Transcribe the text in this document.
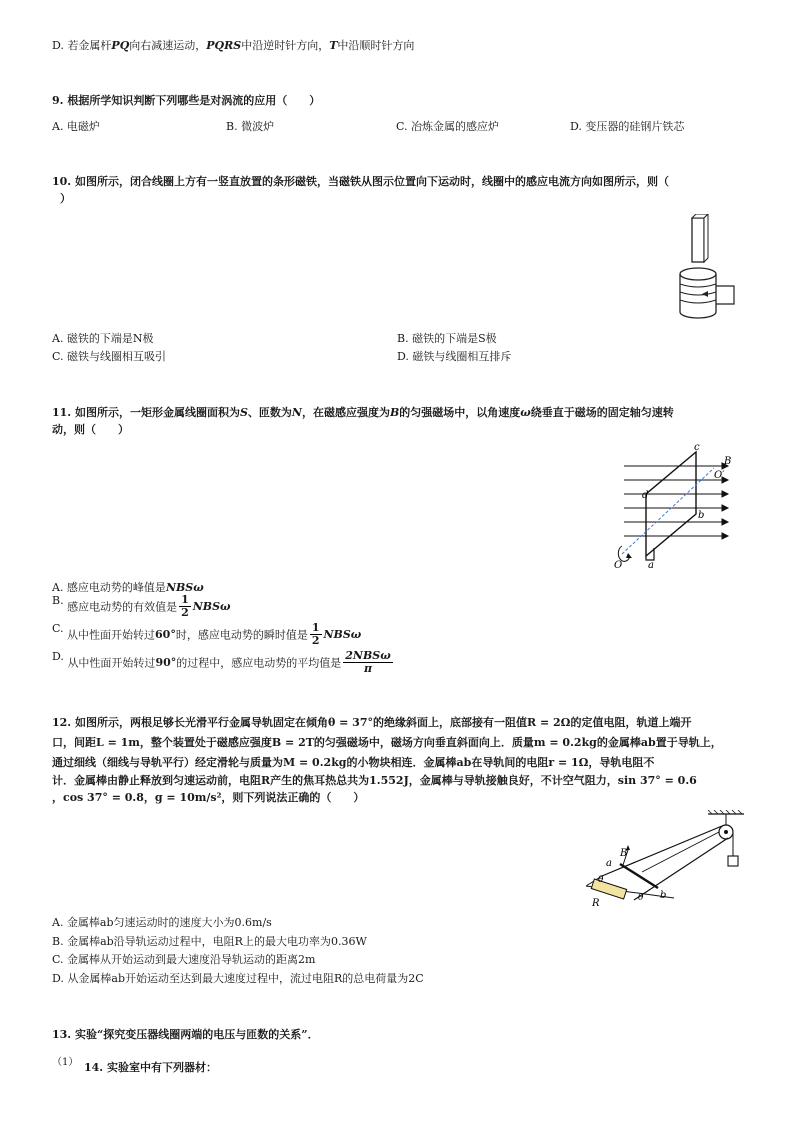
D. 若金属杆PQ向右减速运动，PQRS中沿逆时针方向，T中沿顺时针方向
9. 根据所学知识判断下列哪些是对涡流的应用（　　）
A. 电磁炉	B. 微波炉	C. 冶炼金属的感应炉	D. 变压器的硅钢片铁芯
10. 如图所示，闭合线圈上方有一竖直放置的条形磁铁，当磁铁从图示位置向下运动时，线圈中的感应电流方向如图所示，则（
）
A. 磁铁的下端是N极	B. 磁铁的下端是S极
C. 磁铁与线圈相互吸引	D. 磁铁与线圈相互排斥
11. 如图所示，一矩形金属线圈面积为S、匝数为N，在磁感应强度为B的匀强磁场中，以角速度ω绕垂直于磁场的固定轴匀速转
动，则（　　）
c
B
O′
d
b
O	a
A. 感应电动势的峰值是NBSω
B. 感应电动势的有效值是 $\frac{1}{2}$ NBSω
C. 从中性面开始转过60°时，感应电动势的瞬时值是 $\frac{1}{2}$ NBSω
D. 从中性面开始转过90°的过程中，感应电动势的平均值是 $\frac{\text{2NBSω}}{\pi}$
12. 如图所示，两根足够长光滑平行金属导轨固定在倾角θ = 37°的绝缘斜面上，底部接有一阻值R = 2Ω的定值电阻，轨道上端开
口，间距L = 1m，整个装置处于磁感应强度B = 2T的匀强磁场中，磁场方向垂直斜面向上．质量m = 0.2kg的金属棒ab置于导轨上，
通过细线（细线与导轨平行）经定滑轮与质量为M = 0.2kg的小物块相连．金属棒ab在导轨间的电阻r = 1Ω，导轨电阻不
计．金属棒由静止释放到匀速运动前，电阻R产生的焦耳热总共为1.552J，金属棒与导轨接触良好，不计空气阻力，sin 37° = 0.6
，cos 37° = 0.8，g = 10m/s²，则下列说法正确的（　　）
a
B
θ
b
θ
R
A. 金属棒ab匀速运动时的速度大小为0.6m/s
B. 金属棒ab沿导轨运动过程中，电阻R上的最大电功率为0.36W
C. 金属棒从开始运动到最大速度沿导轨运动的距离2m
D. 从金属棒ab开始运动至达到最大速度过程中，流过电阻R的总电荷量为2C
13. 实验“探究变压器线圈两端的电压与匝数的关系”．
（1） 14. 实验室中有下列器材：
